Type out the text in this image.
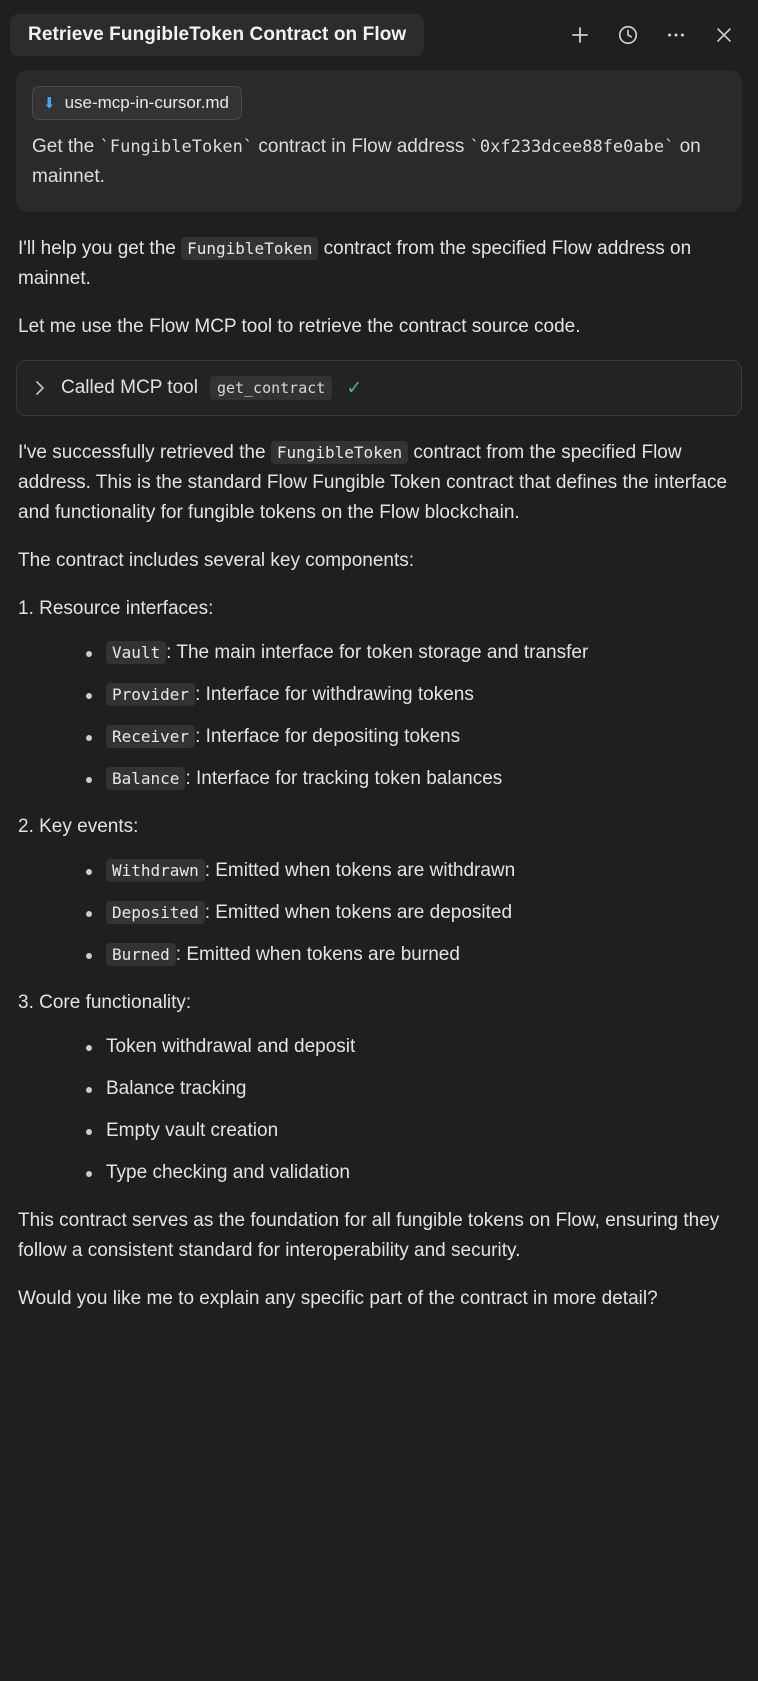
Retrieve FungibleToken Contract on Flow
⬇ use-mcp-in-cursor.md
Get the `FungibleToken` contract in Flow address `0xf233dcee88fe0abe` on mainnet.

I'll help you get the FungibleToken contract from the specified Flow address on mainnet.

Let me use the Flow MCP tool to retrieve the contract source code.

Called MCP tool	get_contract	✓

I've successfully retrieved the FungibleToken contract from the specified Flow address. This is the standard Flow Fungible Token contract that defines the interface and functionality for fungible tokens on the Flow blockchain.

The contract includes several key components:

1. Resource interfaces:
Vault : The main interface for token storage and transfer
Provider : Interface for withdrawing tokens
Receiver : Interface for depositing tokens
Balance : Interface for tracking token balances
2. Key events:
Withdrawn : Emitted when tokens are withdrawn
Deposited : Emitted when tokens are deposited
Burned : Emitted when tokens are burned
3. Core functionality:
Token withdrawal and deposit
Balance tracking
Empty vault creation
Type checking and validation

This contract serves as the foundation for all fungible tokens on Flow, ensuring they follow a consistent standard for interoperability and security.

Would you like me to explain any specific part of the contract in more detail?
